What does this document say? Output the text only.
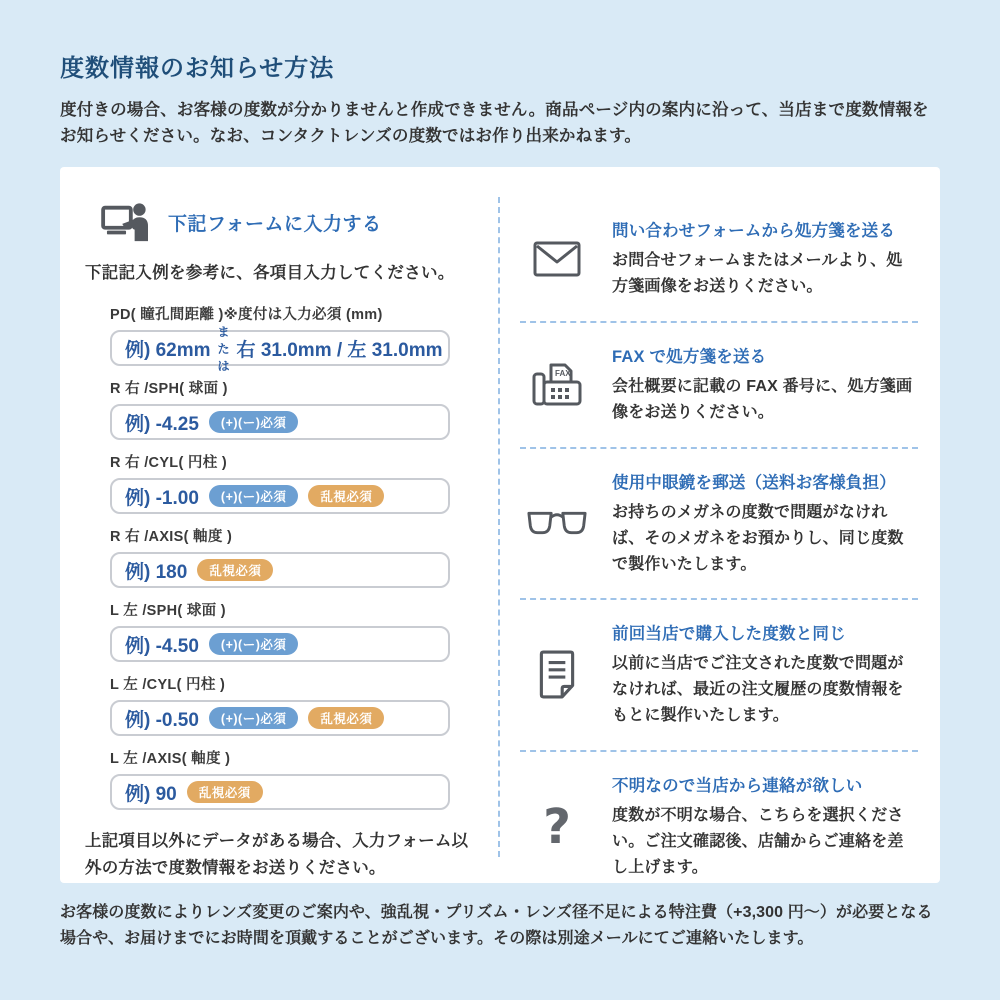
度数情報のお知らせ方法

度付きの場合、お客様の度数が分かりませんと作成できません。商品ページ内の案内に沿って、当店まで度数情報をお知らせください。なお、コンタクトレンズの度数ではお作り出来かねます。

下記フォームに入力する

下記記入例を参考に、各項目入力してください。

PD( 瞳孔間距離 )※度付は入力必須 (mm)
例) 62mm
または
右 31.0mm / 左 31.0mm
R 右 /SPH( 球面 )
例) -4.25	(+)(ー)必須
R 右 /CYL( 円柱 )
例) -1.00	(+)(ー)必須	乱視必須
R 右 /AXIS( 軸度 )
例) 180	乱視必須
L 左 /SPH( 球面 )
例) -4.50	(+)(ー)必須
L 左 /CYL( 円柱 )
例) -0.50	(+)(ー)必須	乱視必須
L 左 /AXIS( 軸度 )
例) 90	乱視必須

上記項目以外にデータがある場合、入力フォーム以外の方法で度数情報をお送りください。

問い合わせフォームから処方箋を送る
お問合せフォームまたはメールより、処方箋画像をお送りください。
FAX
FAX で処方箋を送る
会社概要に記載の FAX 番号に、処方箋画像をお送りください。
使用中眼鏡を郵送（送料お客様負担）
お持ちのメガネの度数で問題がなければ、そのメガネをお預かりし、同じ度数で製作いたします。
前回当店で購入した度数と同じ
以前に当店でご注文された度数で問題がなければ、最近の注文履歴の度数情報をもとに製作いたします。
?
不明なので当店から連絡が欲しい
度数が不明な場合、こちらを選択ください。ご注文確認後、店舗からご連絡を差し上げます。

お客様の度数によりレンズ変更のご案内や、強乱視・プリズム・レンズ径不足による特注費（+3,300 円～）が必要となる場合や、お届けまでにお時間を頂戴することがございます。その際は別途メールにてご連絡いたします。
